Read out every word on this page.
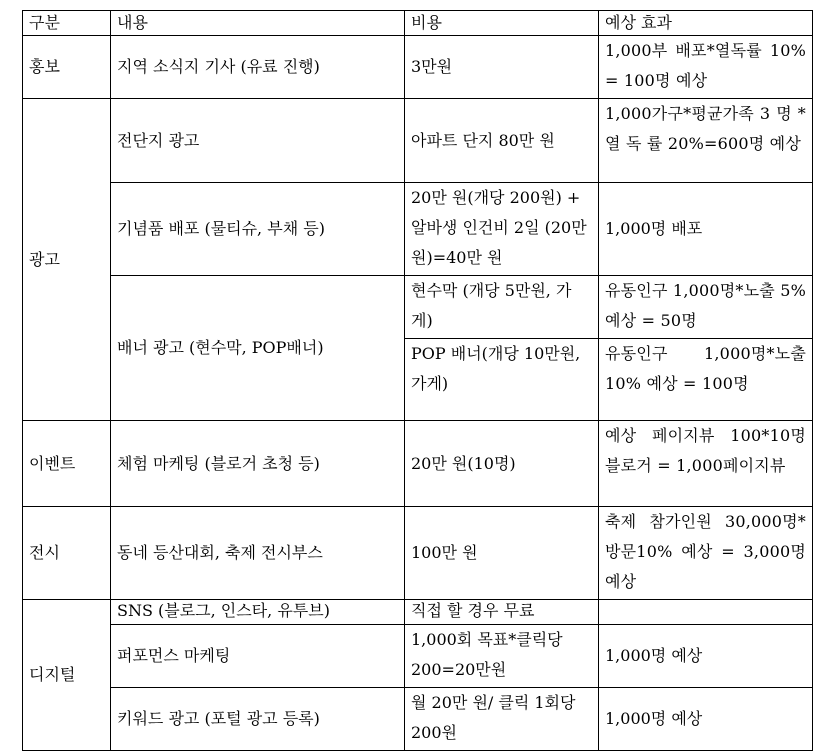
구분	내용	비용	예상 효과
홍보	지역 소식지 기사 (유료 진행)	3만원	1,000부 배포*열독률 10% = 100명 예상
광고	전단지 광고	아파트 단지 80만 원	1,000가구*평균가족 3 명 * 열 독 률 20%=600명 예상
	기념품 배포 (물티슈, 부채 등)	20만 원(개당 200원) + 알바생 인건비 2일 (20만원)=40만 원	1,000명 배포
	배너 광고 (현수막, POP배너)	현수막 (개당 5만원, 가게)	유동인구 1,000명*노출 5% 예상 = 50명
		POP 배너(개당 10만원, 가게)	유동인구 1,000명*노출 10% 예상 = 100명
이벤트	체험 마케팅 (블로거 초청 등)	20만 원(10명)	예상 페이지뷰 100*10명 블로거 = 1,000페이지뷰
전시	동네 등산대회, 축제 전시부스	100만 원	축제 참가인원 30,000명*방문10% 예상 = 3,000명 예상
디지털	SNS (블로그, 인스타, 유투브)	직접 할 경우 무료	
	퍼포먼스 마케팅	1,000회 목표*클릭당 200=20만원	1,000명 예상
	키워드 광고 (포털 광고 등록)	월 20만 원/ 클릭 1회당 200원	1,000명 예상
